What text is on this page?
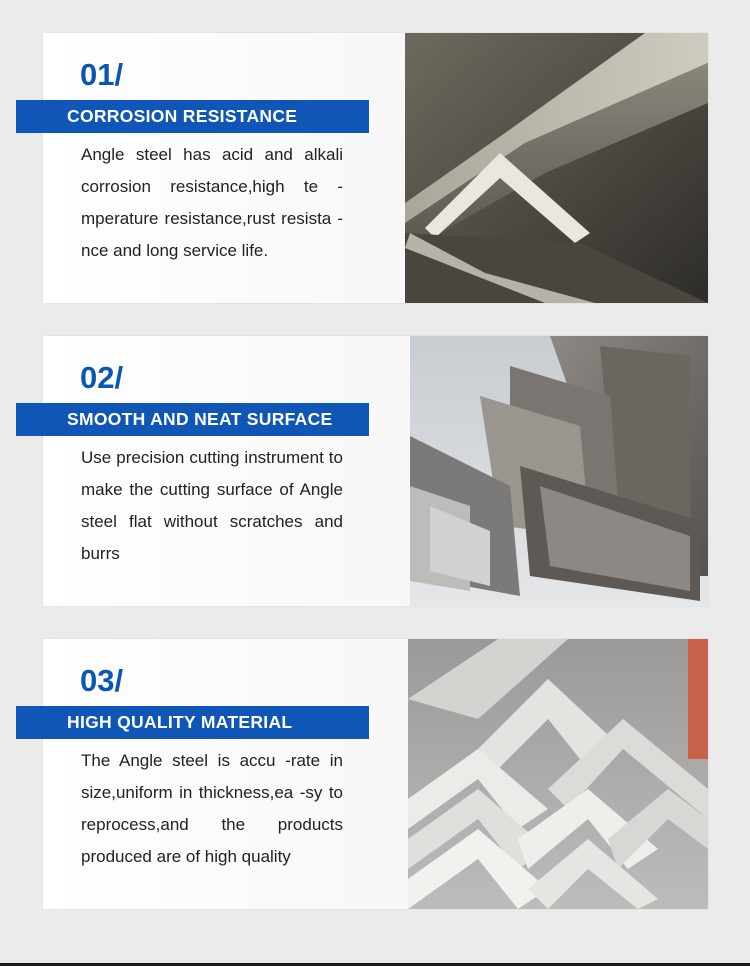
01/
Angle steel has acid and alkali corrosion resistance,high te -mperature resistance,rust resista -nce and long service life.
CORROSION RESISTANCE
02/
Use precision cutting instrument to make the cutting surface of Angle steel flat without scratches and burrs
SMOOTH AND NEAT SURFACE
03/
The Angle steel is accu -rate in size,uniform in thickness,ea -sy to reprocess,and the products produced are of high quality
HIGH QUALITY MATERIAL
